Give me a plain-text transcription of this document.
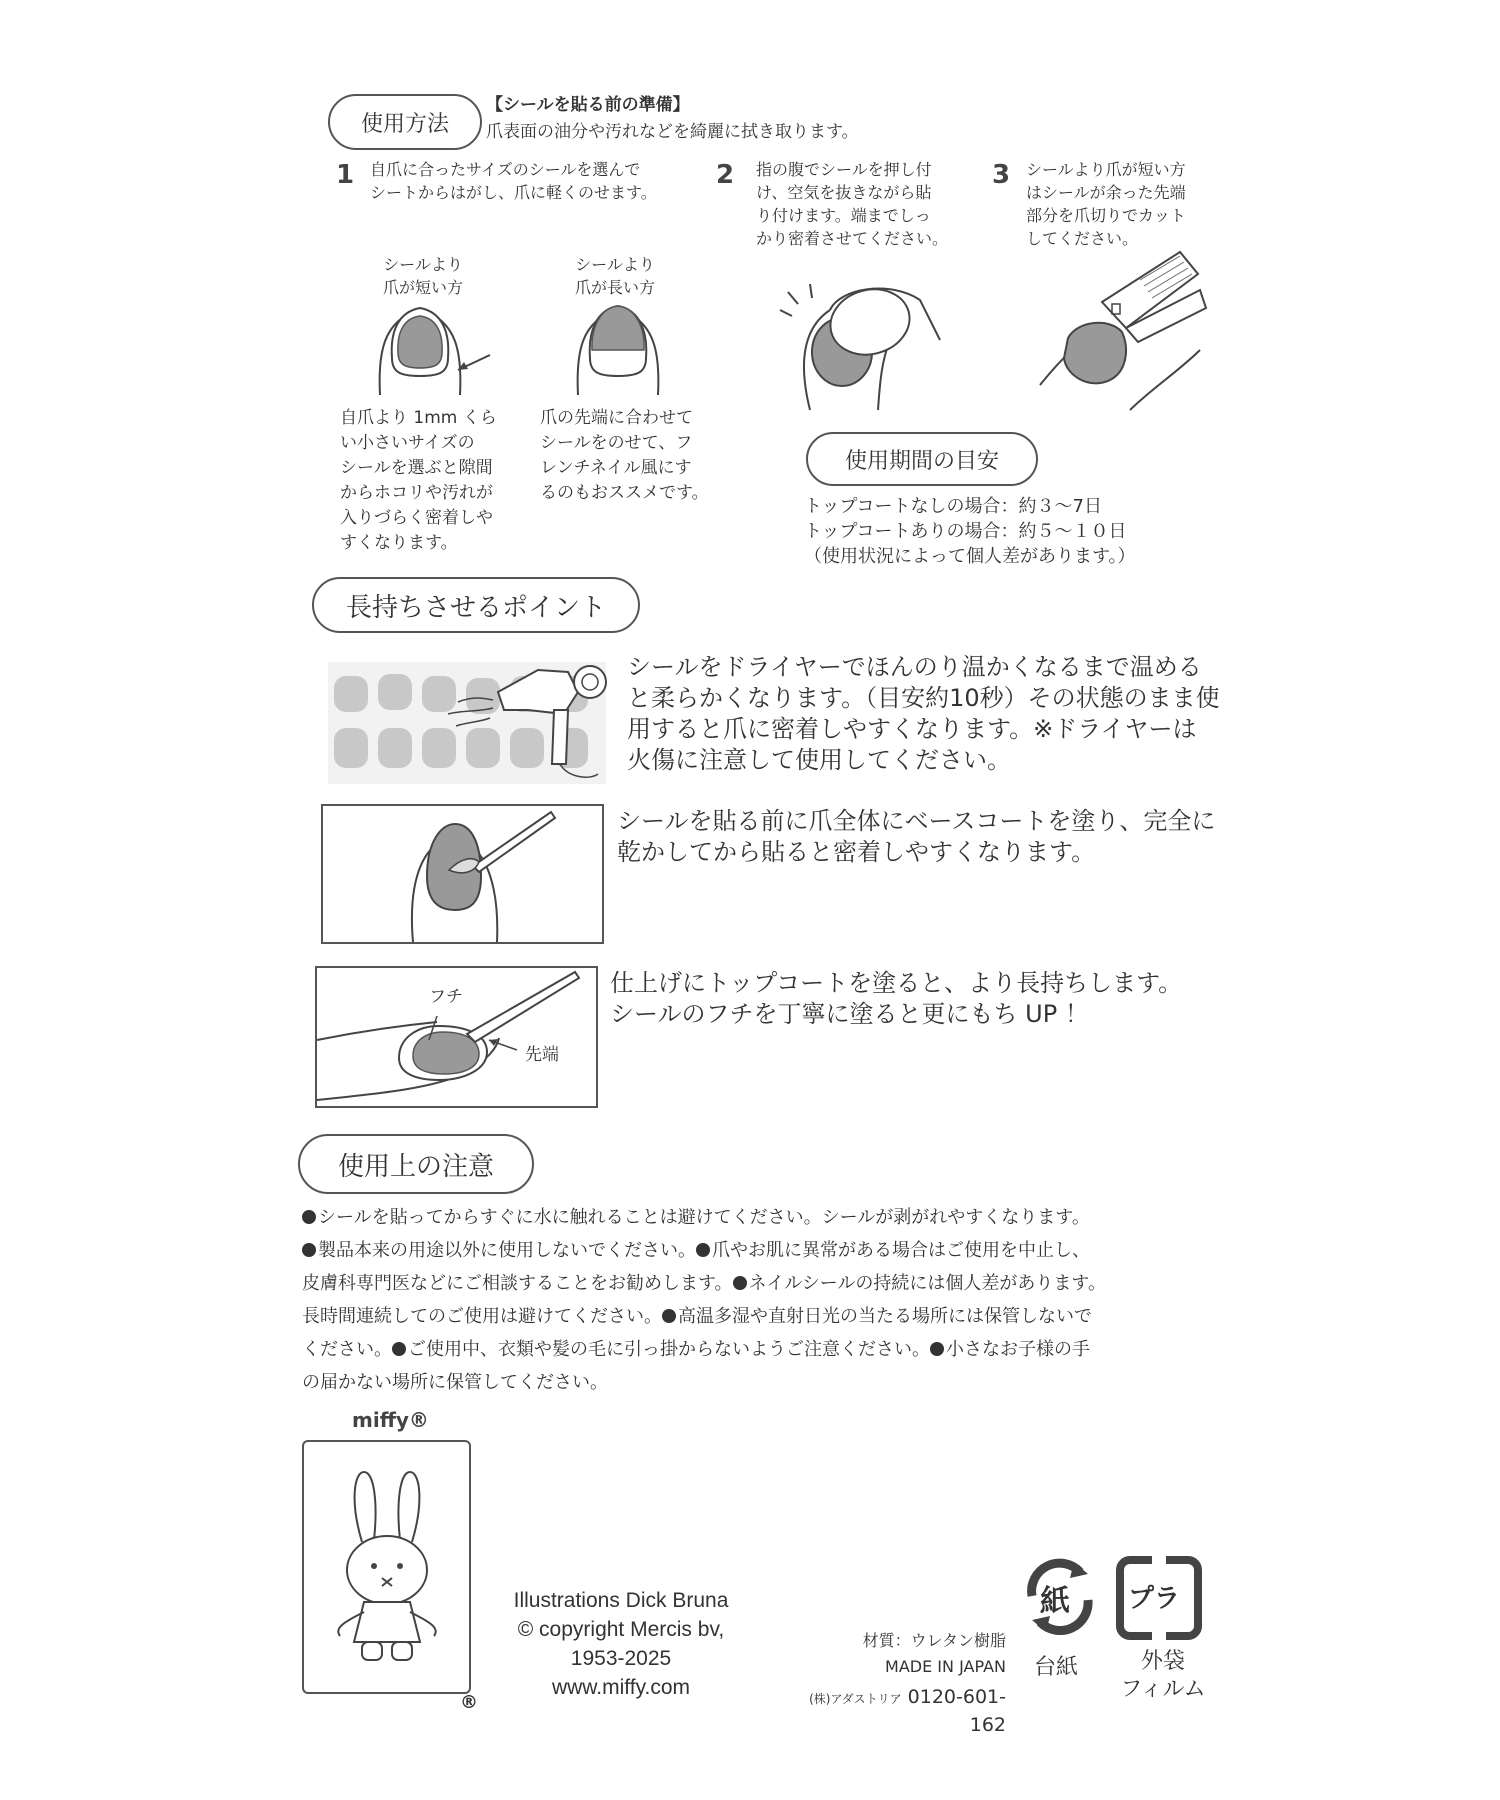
使用方法
【シールを貼る前の準備】
爪表面の油分や汚れなどを綺麗に拭き取ります。
1 自爪に合ったサイズのシールを選んで
シートからはがし、爪に軽くのせます。
2 指の腹でシールを押し付
け、空気を抜きながら貼
り付けます。端までしっ
かり密着させてください。
3 シールより爪が短い方
はシールが余った先端
部分を爪切りでカット
してください。
シールより
爪が短い方
シールより
爪が長い方
自爪より 1mm くら
い小さいサイズの
シールを選ぶと隙間
からホコリや汚れが
入りづらく密着しや
すくなります。
爪の先端に合わせて
シールをのせて、フ
レンチネイル風にす
るのもおススメです。
使用期間の目安
トップコートなしの場合：約３～7日
トップコートありの場合：約５～１０日
（使用状況によって個人差があります。）
長持ちさせるポイント
シールをドライヤーでほんのり温かくなるまで温める
と柔らかくなります。（目安約10秒）その状態のまま使
用すると爪に密着しやすくなります。※ドライヤーは
火傷に注意して使用してください。
シールを貼る前に爪全体にベースコートを塗り、完全に
乾かしてから貼ると密着しやすくなります。
フチ
先端
仕上げにトップコートを塗ると、より長持ちします。
シールのフチを丁寧に塗ると更にもち UP ！
使用上の注意

シールを貼ってからすぐに水に触れることは避けてください。シールが剥がれやすくなります。

製品本来の用途以外に使用しないでください。 爪やお肌に異常がある場合はご使用を中止し、

皮膚科専門医などにご相談することをお勧めします。 ネイルシールの持続には個人差があります。

長時間連続してのご使用は避けてください。 高温多湿や直射日光の当たる場所には保管しないで

ください。 ご使用中、衣類や髪の毛に引っ掛からないようご注意ください。 小さなお子様の手

の届かない場所に保管してください。

miffy®
®
Illustrations Dick Bruna
© copyright Mercis bv,
1953-2025
www.miffy.com
材質：ウレタン樹脂
MADE IN JAPAN
(株)アダストリア 0120-601-162
紙
台紙
プラ
外袋
フィルム
